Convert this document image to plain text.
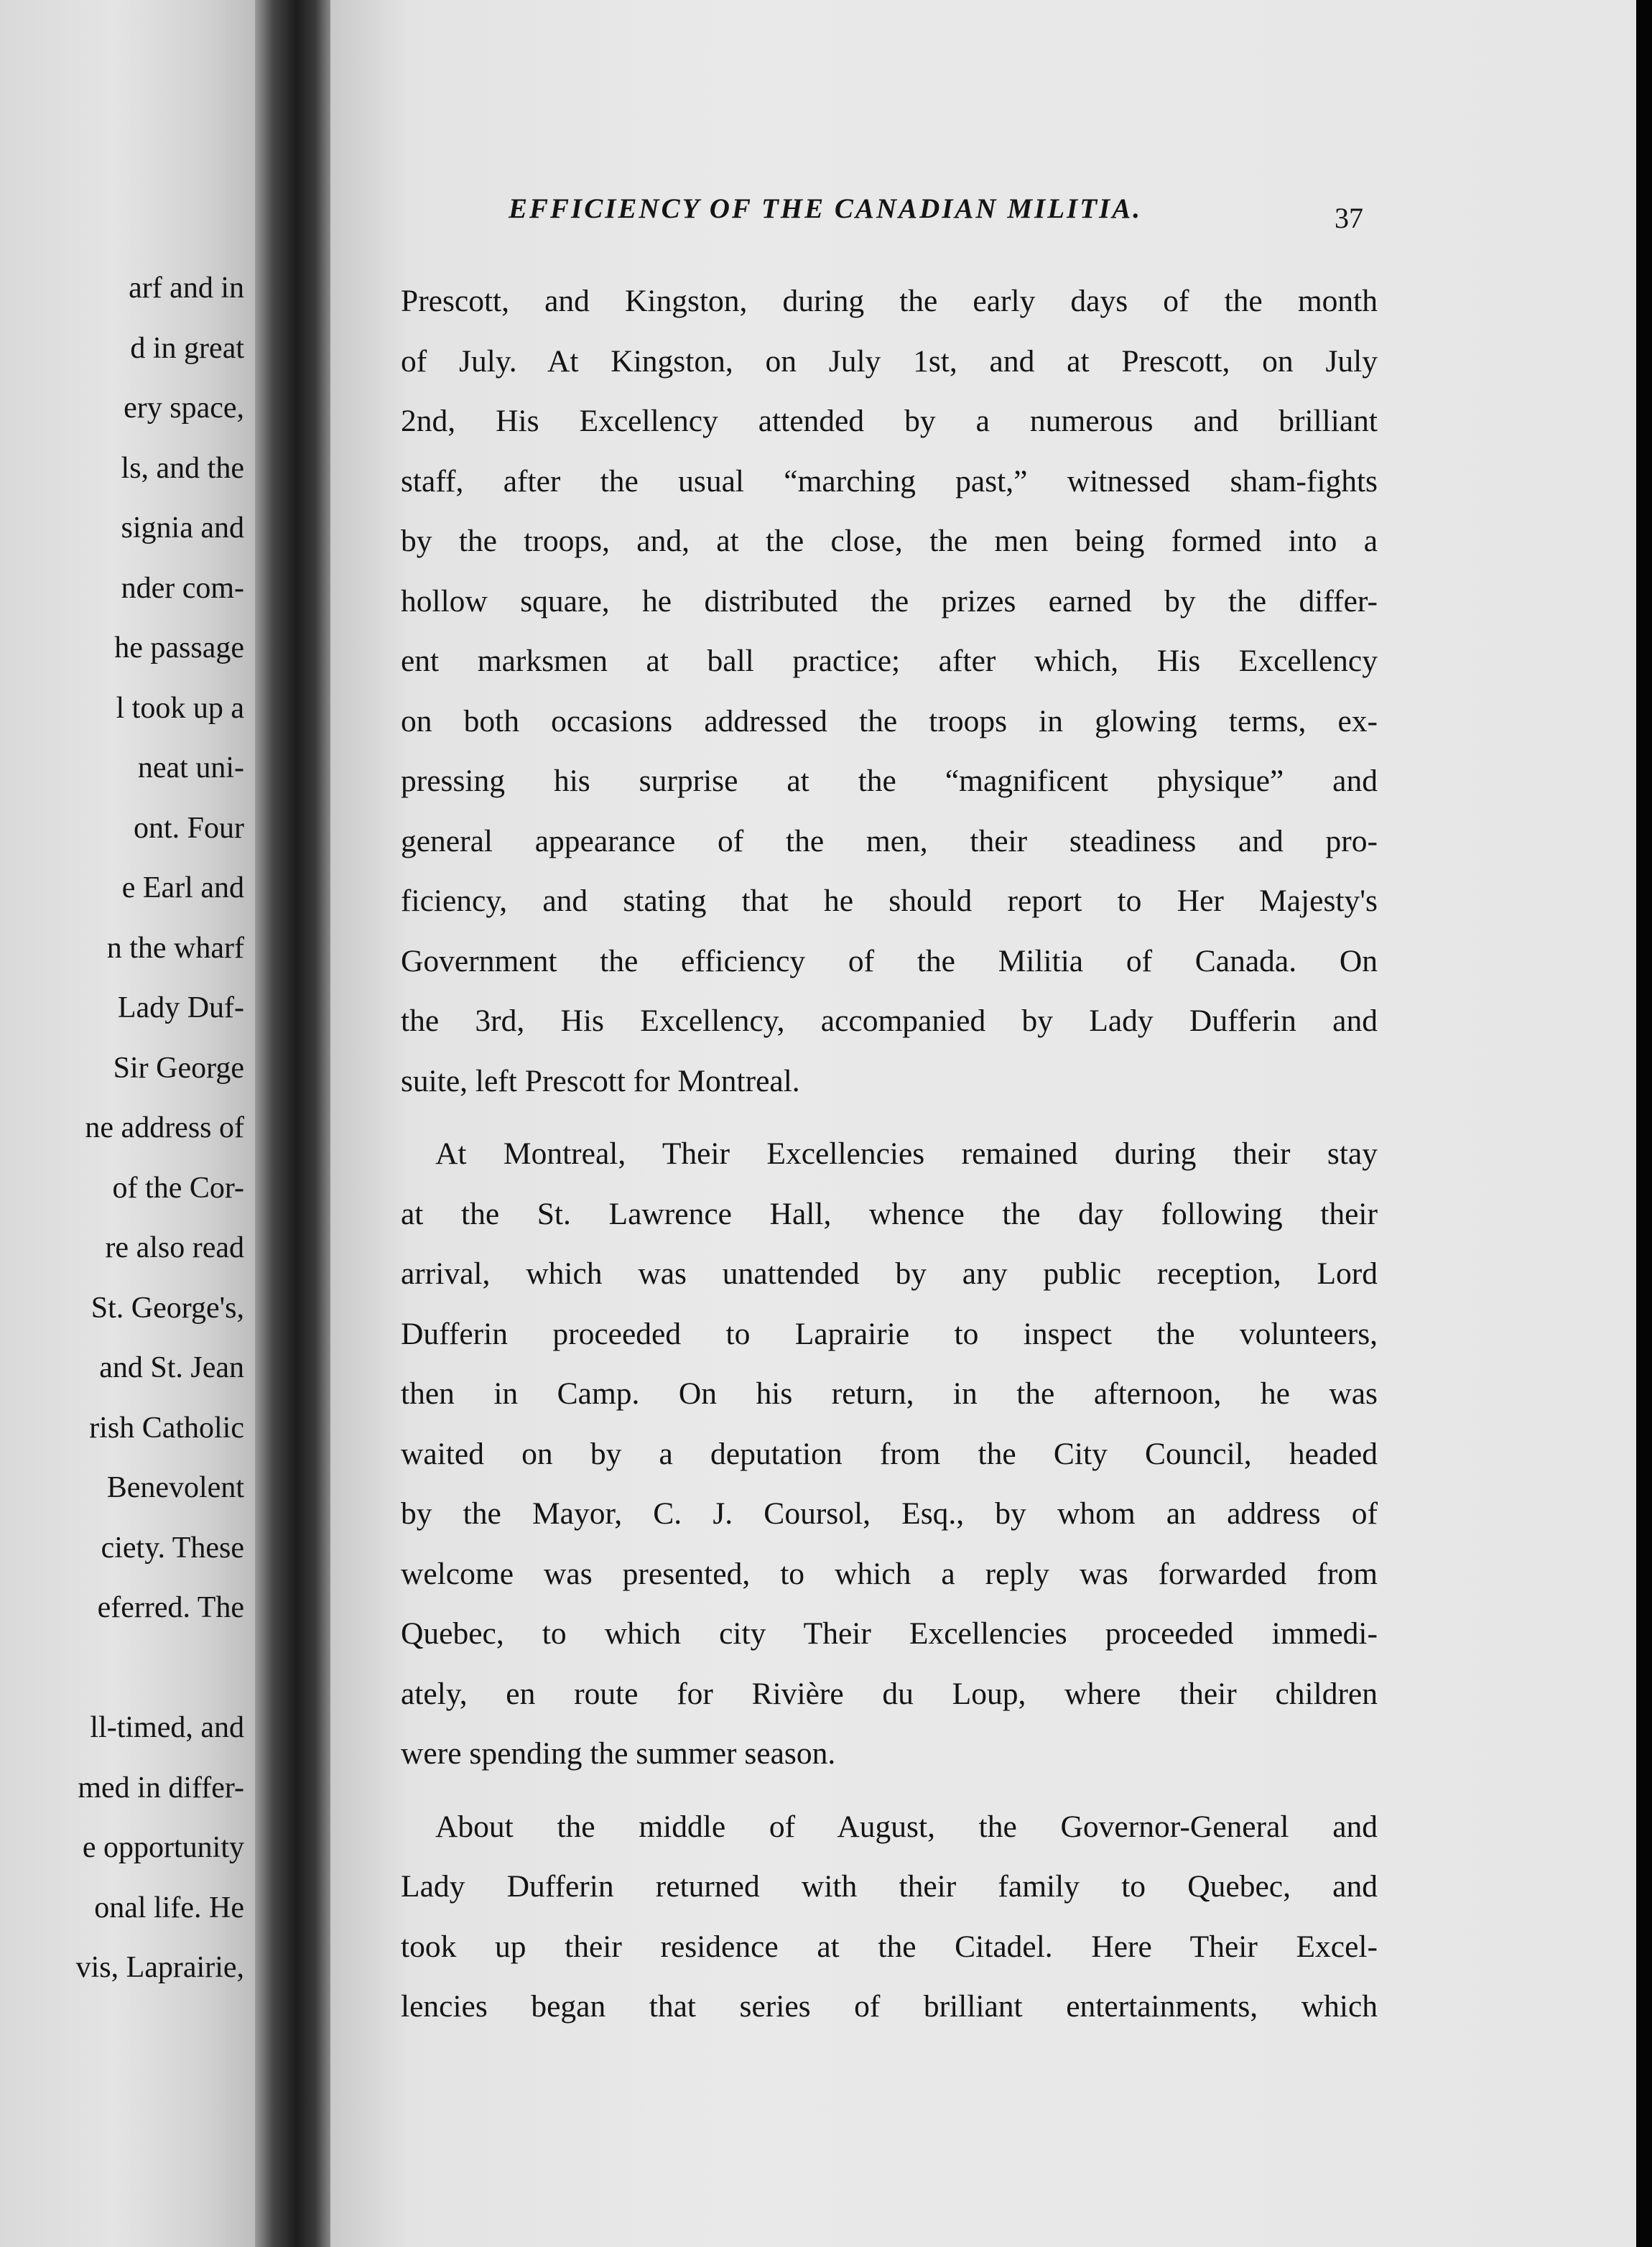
arf and in
d in great
ery space,
ls, and the
signia and
nder com-
he passage
l took up a
neat uni-
ont. Four
e Earl and
n the wharf
Lady Duf-
Sir George
ne address of
of the Cor-
re also read
St. George's,
and St. Jean
rish Catholic
Benevolent
ciety. These
eferred. The
ll-timed, and
med in differ-
e opportunity
onal life. He
vis, Laprairie,
EFFICIENCY OF THE CANADIAN MILITIA.	37
Prescott, and Kingston, during the early days of the month
of July. At Kingston, on July 1st, and at Prescott, on July
2nd, His Excellency attended by a numerous and brilliant
staff, after the usual “marching past,” witnessed sham-fights
by the troops, and, at the close, the men being formed into a
hollow square, he distributed the prizes earned by the differ-
ent marksmen at ball practice; after which, His Excellency
on both occasions addressed the troops in glowing terms, ex-
pressing his surprise at the “magnificent physique” and
general appearance of the men, their steadiness and pro-
ficiency, and stating that he should report to Her Majesty's
Government the efficiency of the Militia of Canada. On
the 3rd, His Excellency, accompanied by Lady Dufferin and
suite, left Prescott for Montreal.
At Montreal, Their Excellencies remained during their stay
at the St. Lawrence Hall, whence the day following their
arrival, which was unattended by any public reception, Lord
Dufferin proceeded to Laprairie to inspect the volunteers,
then in Camp. On his return, in the afternoon, he was
waited on by a deputation from the City Council, headed
by the Mayor, C. J. Coursol, Esq., by whom an address of
welcome was presented, to which a reply was forwarded from
Quebec, to which city Their Excellencies proceeded immedi-
ately, en route for Rivière du Loup, where their children
were spending the summer season.
About the middle of August, the Governor-General and
Lady Dufferin returned with their family to Quebec, and
took up their residence at the Citadel. Here Their Excel-
lencies began that series of brilliant entertainments, which
